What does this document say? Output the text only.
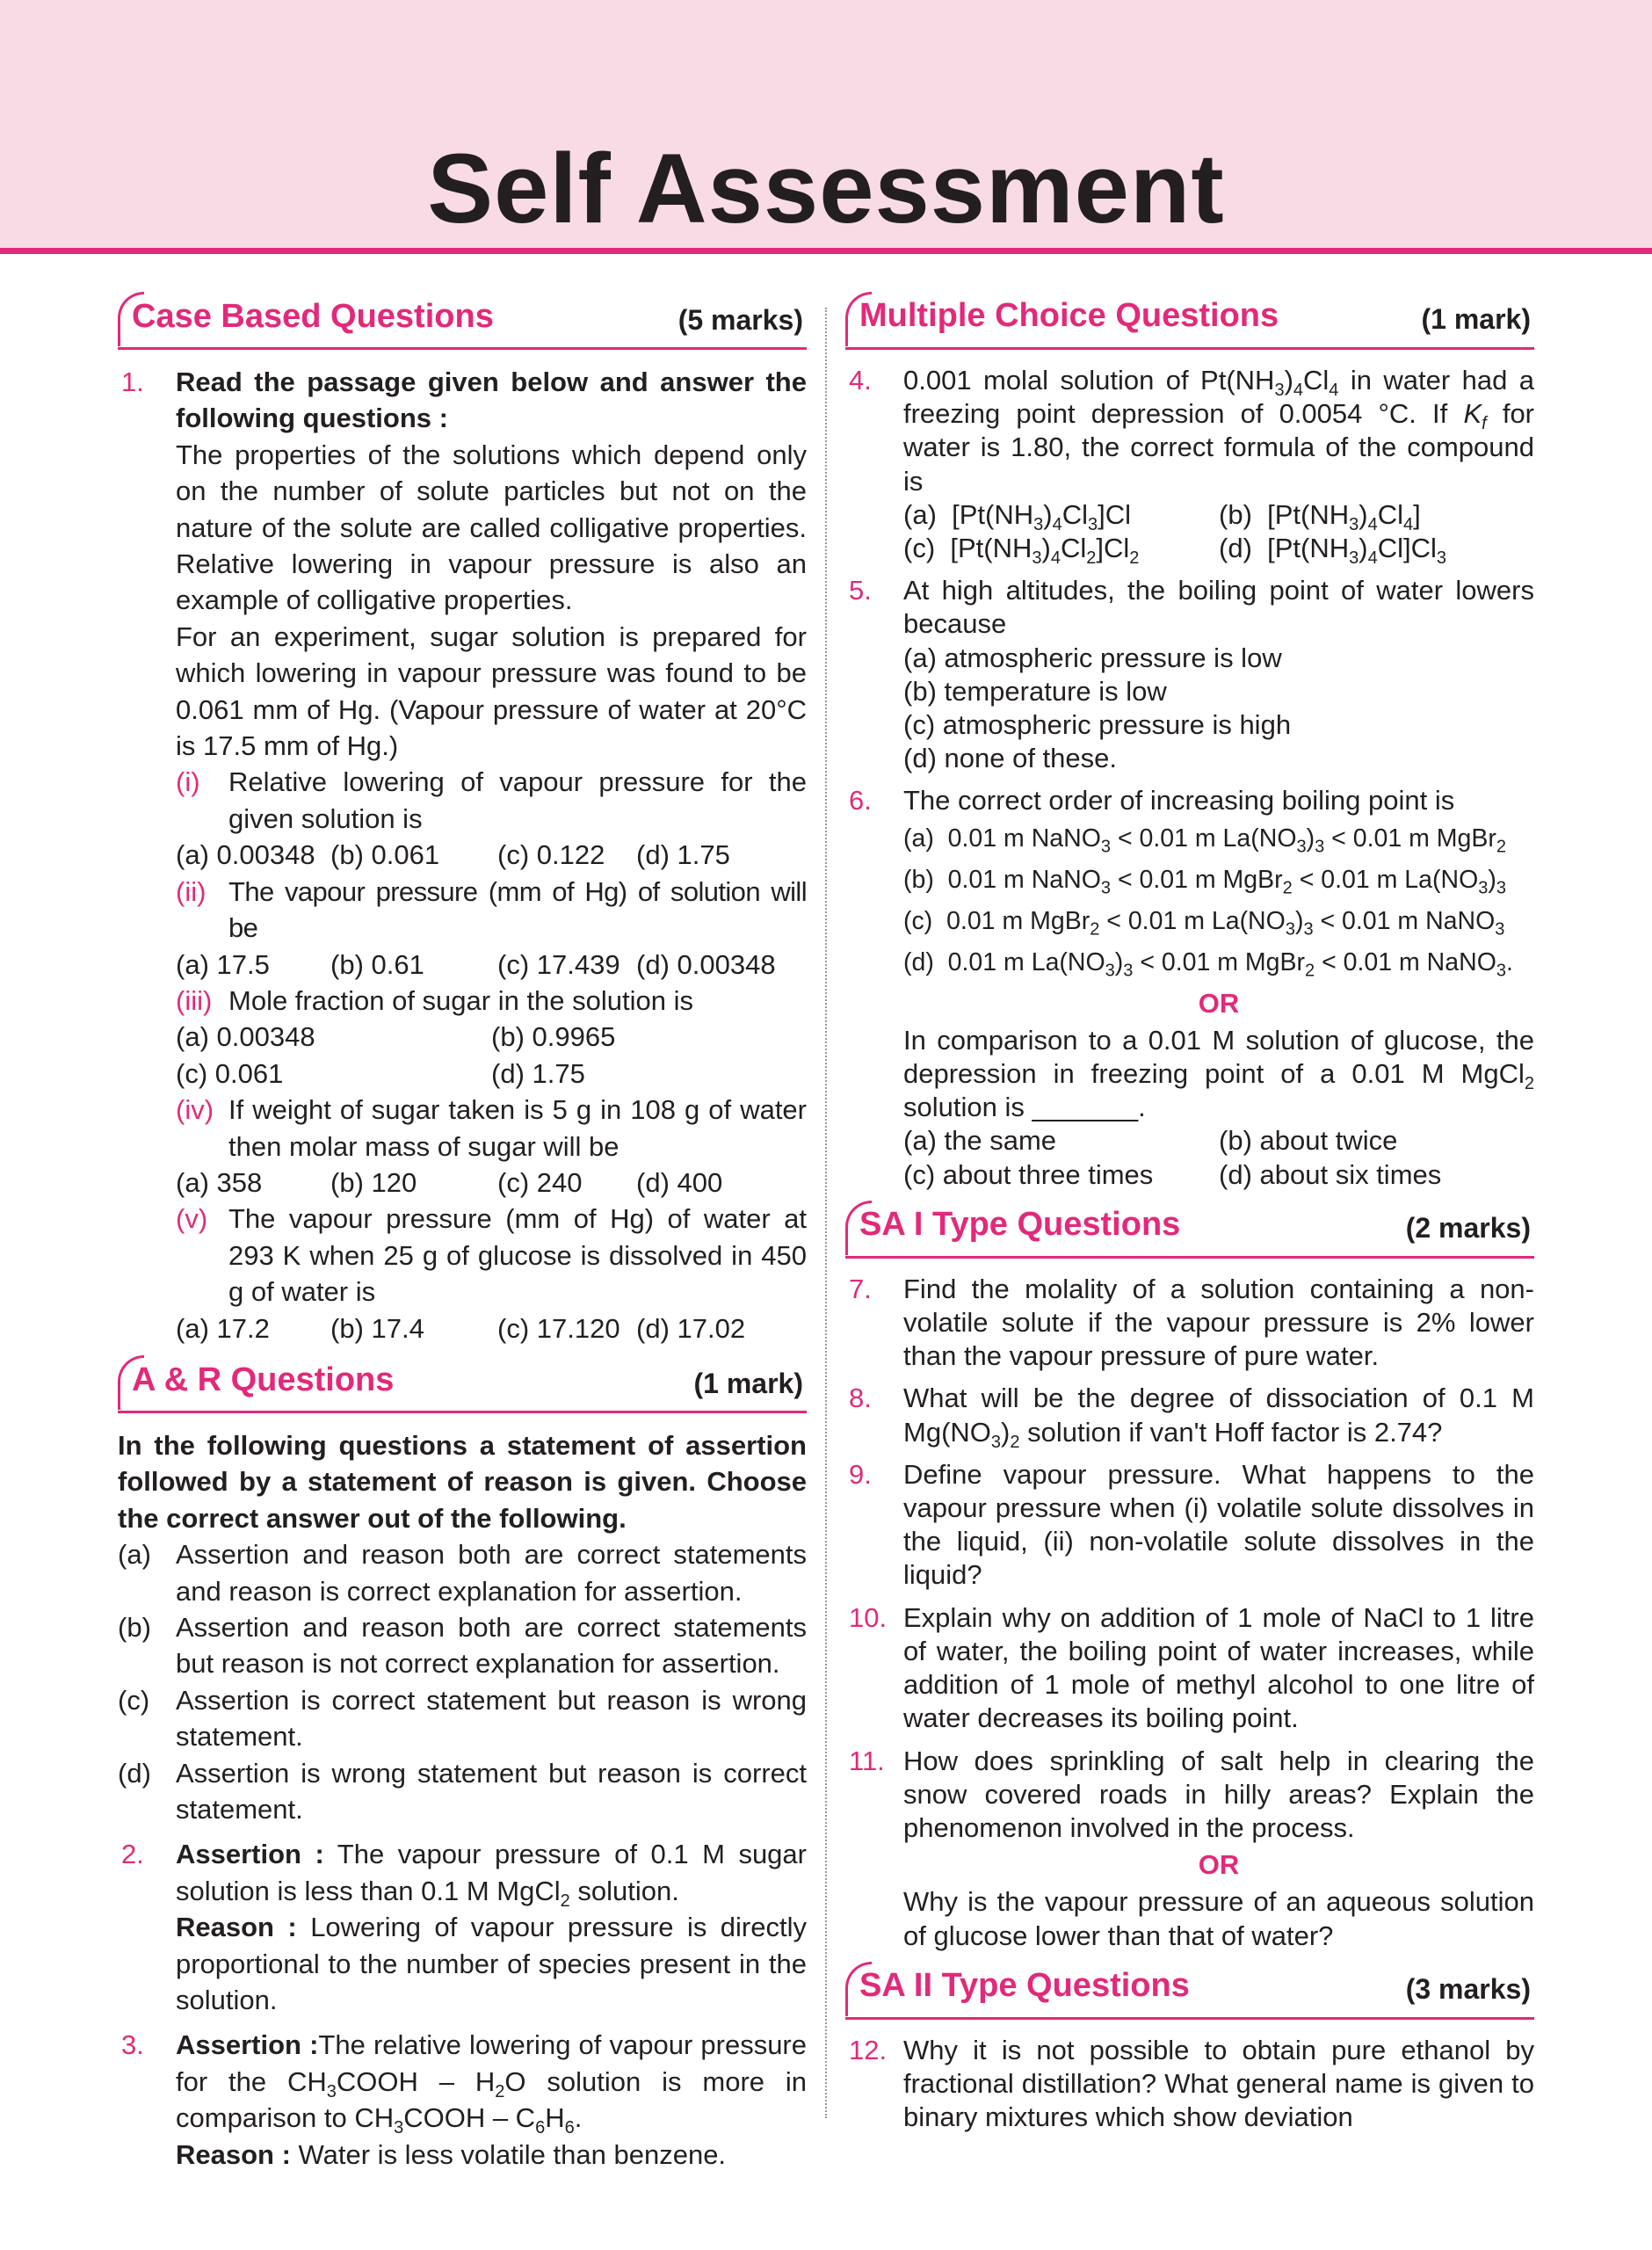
Self Assessment
Case Based Questions	(5 marks)
1. Read the passage given below and answer the following questions :
The properties of the solutions which depend only on the number of solute particles but not on the nature of the solute are called colligative properties. Relative lowering in vapour pressure is also an example of colligative properties.
For an experiment, sugar solution is prepared for which lowering in vapour pressure was found to be 0.061 mm of Hg. (Vapour pressure of water at 20°C is 17.5 mm of Hg.)
(i) Relative lowering of vapour pressure for the given solution is
(a) 0.00348 (b) 0.061	(c) 0.122	(d) 1.75
(ii) The vapour pressure (mm of Hg) of solution will be
(a) 17.5	(b) 0.61	(c) 17.439 (d) 0.00348
(iii) Mole fraction of sugar in the solution is
(a) 0.00348	(b) 0.9965
(c) 0.061	(d) 1.75
(iv) If weight of sugar taken is 5 g in 108 g of water then molar mass of sugar will be
(a) 358	(b) 120	(c) 240	(d) 400
(v) The vapour pressure (mm of Hg) of water at 293 K when 25 g of glucose is dissolved in 450 g of water is
(a) 17.2	(b) 17.4	(c) 17.120 (d) 17.02
A & R Questions	(1 mark)
In the following questions a statement of assertion followed by a statement of reason is given. Choose the correct answer out of the following.
(a) Assertion and reason both are correct statements and reason is correct explanation for assertion.
(b) Assertion and reason both are correct statements but reason is not correct explanation for assertion.
(c) Assertion is correct statement but reason is wrong statement.
(d) Assertion is wrong statement but reason is correct statement.
2. Assertion : The vapour pressure of 0.1 M sugar solution is less than 0.1 M MgCl$_2$ solution.
Reason : Lowering of vapour pressure is directly proportional to the number of species present in the solution.
3. Assertion :The relative lowering of vapour pressure for the $CH_3COOH - H_2O$ solution is more in comparison to $CH_3COOH - C_6H_6$.
Reason : Water is less volatile than benzene.
Multiple Choice Questions	(1 mark)
4. 0.001 molal solution of $Pt(NH_3)_4Cl_4$ in water had a freezing point depression of 0.0054 °C. If $K_f$ for water is 1.80, the correct formula of the compound is
(a)  $[Pt(NH_3)_4Cl_3]Cl$	(b)  $[Pt(NH_3)_4Cl_4]$
(c)  $[Pt(NH_3)_4Cl_2]Cl_2$	(d)  $[Pt(NH_3)_4Cl]Cl_3$
5. At high altitudes, the boiling point of water lowers because
(a) atmospheric pressure is low
(b) temperature is low
(c) atmospheric pressure is high
(d) none of these.
6. The correct order of increasing boiling point is
(a)  0.01 m NaNO$_3$ < 0.01 m $La(NO_3)_3 < 0.01$ m MgBr$_2$
(b)  0.01 m NaNO$_3$ < 0.01 m MgBr$_2$ < 0.01 m $La(NO_3)_3$
(c)  0.01 m MgBr$_2$ < 0.01 m $La(NO_3)_3 < 0.01$ m NaNO$_3$
(d)  0.01 m $La(NO_3)_3 < 0.01$ m MgBr$_2$ < 0.01 m NaNO$_3$.
OR
In comparison to a 0.01 M solution of glucose, the depression in freezing point of a 0.01 M MgCl$_2$ solution is _______.
(a) the same	(b) about twice
(c) about three times	(d) about six times
SA I Type Questions	(2 marks)
7. Find the molality of a solution containing a non-volatile solute if the vapour pressure is 2% lower than the vapour pressure of pure water.
8. What will be the degree of dissociation of 0.1 M $Mg(NO_3)_2$ solution if van't Hoff factor is 2.74?
9. Define vapour pressure. What happens to the vapour pressure when (i) volatile solute dissolves in the liquid, (ii) non-volatile solute dissolves in the liquid?
10. Explain why on addition of 1 mole of NaCl to 1 litre of water, the boiling point of water increases, while addition of 1 mole of methyl alcohol to one litre of water decreases its boiling point.
11. How does sprinkling of salt help in clearing the snow covered roads in hilly areas? Explain the phenomenon involved in the process.
OR
Why is the vapour pressure of an aqueous solution of glucose lower than that of water?
SA II Type Questions	(3 marks)
12. Why it is not possible to obtain pure ethanol by fractional distillation? What general name is given to binary mixtures which show deviation
